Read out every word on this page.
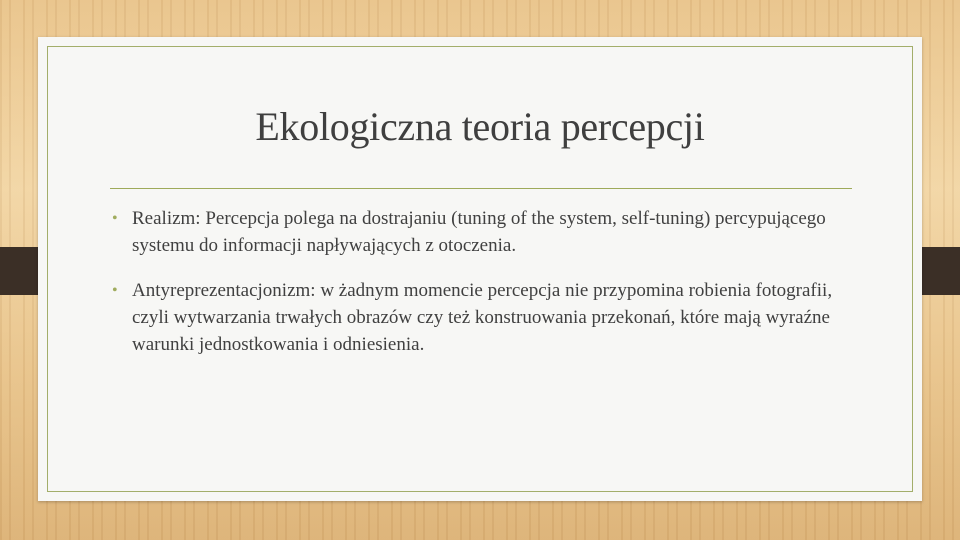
Ekologiczna teoria percepcji
• Realizm: Percepcja polega na dostrajaniu (tuning of the system, self-tuning) percypującego systemu do informacji napływających z otoczenia.
• Antyreprezentacjonizm: w żadnym momencie percepcja nie przypomina robienia fotografii, czyli wytwarzania trwałych obrazów czy też konstruowania przekonań, które mają wyraźne warunki jednostkowania i odniesienia.
